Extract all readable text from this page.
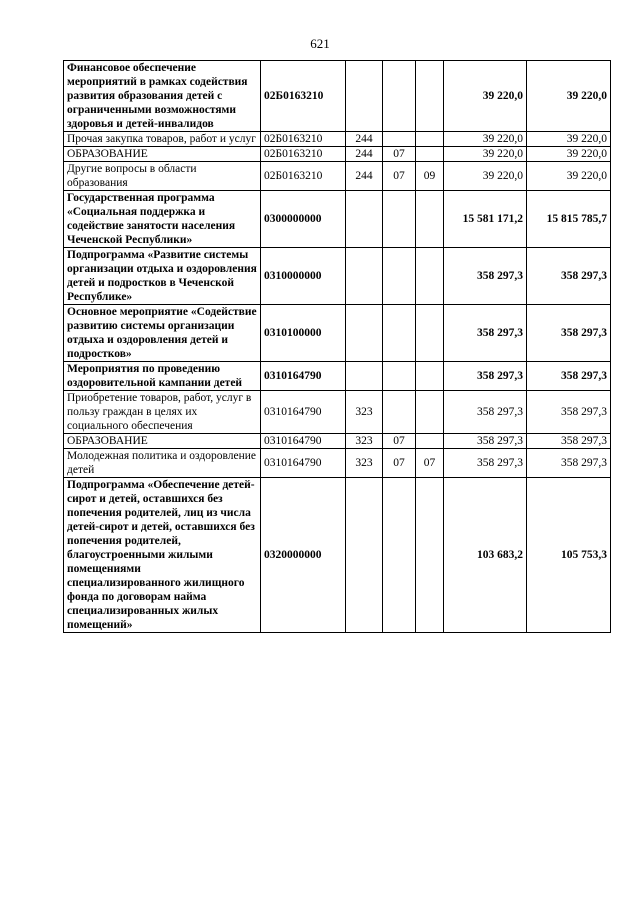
621
Финансовое обеспечение мероприятий в рамках содействия развития образования детей с ограниченными возможностями здоровья и детей-инвалидов	02Б0163210				39 220,0	39 220,0
Прочая закупка товаров, работ и услуг	02Б0163210	244			39 220,0	39 220,0
ОБРАЗОВАНИЕ	02Б0163210	244	07		39 220,0	39 220,0
Другие вопросы в области образования	02Б0163210	244	07	09	39 220,0	39 220,0
Государственная программа «Социальная поддержка и содействие занятости населения Чеченской Республики»	0300000000				15 581 171,2	15 815 785,7
Подпрограмма «Развитие системы организации отдыха и оздоровления детей и подростков в Чеченской Республике»	0310000000				358 297,3	358 297,3
Основное мероприятие «Содействие развитию системы организации отдыха и оздоровления детей и подростков»	0310100000				358 297,3	358 297,3
Мероприятия по проведению оздоровительной кампании детей	0310164790				358 297,3	358 297,3
Приобретение товаров, работ, услуг в пользу граждан в целях их социального обеспечения	0310164790	323			358 297,3	358 297,3
ОБРАЗОВАНИЕ	0310164790	323	07		358 297,3	358 297,3
Молодежная политика и оздоровление детей	0310164790	323	07	07	358 297,3	358 297,3
Подпрограмма «Обеспечение детей-сирот и детей, оставшихся без попечения родителей, лиц из числа детей-сирот и детей, оставшихся без попечения родителей, благоустроенными жилыми помещениями специализированного жилищного фонда по договорам найма специализированных жилых помещений»	0320000000				103 683,2	105 753,3
